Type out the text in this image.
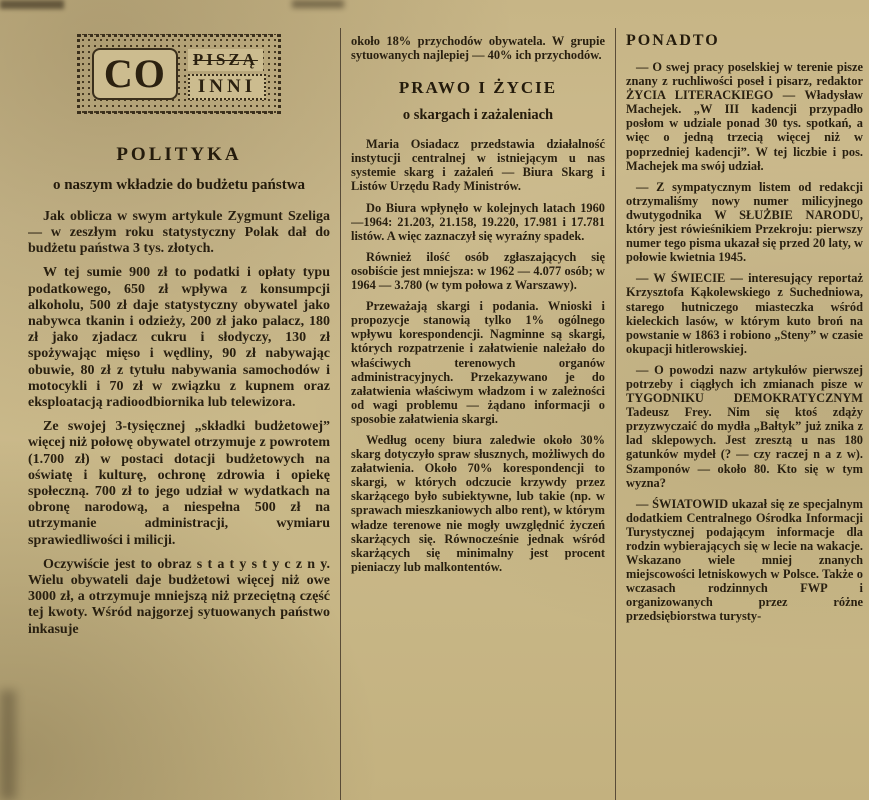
CO	PISZĄ
INNI
POLITYKA
o naszym wkładzie do budżetu państwa

Jak oblicza w swym artykule Zygmunt Szeliga — w zeszłym roku statystyczny Polak dał do budżetu państwa 3 tys. złotych.

W tej sumie 900 zł to podatki i opłaty typu podatkowego, 650 zł wpływa z konsumpcji alkoholu, 500 zł daje statystyczny obywatel jako nabywca tkanin i odzieży, 200 zł jako palacz, 180 zł jako zjadacz cukru i słodyczy, 130 zł spożywając mięso i wędliny, 90 zł nabywając obuwie, 80 zł z tytułu nabywania samochodów i motocykli i 70 zł w związku z kupnem oraz eksploatacją radioodbiornika lub telewizora.

Ze swojej 3-tysięcznej „składki budżetowej” więcej niż połowę obywatel otrzymuje z powrotem (1.700 zł) w postaci dotacji budżetowych na oświatę i kulturę, ochronę zdrowia i opiekę społeczną. 700 zł to jego udział w wydatkach na obronę narodową, a niespełna 500 zł na utrzymanie administracji, wymiaru sprawiedliwości i milicji.

Oczywiście jest to obraz s t a t y s t y c z n y. Wielu obywateli daje budżetowi więcej niż owe 3000 zł, a otrzymuje mniejszą niż przeciętną część tej kwoty. Wśród najgorzej sytuowanych państwo inkasuje

około 18% przychodów obywatela. W grupie sytuowanych najlepiej — 40% ich przychodów.

PRAWO I ŻYCIE
o skargach i zażaleniach

Maria Osiadacz przedstawia działalność instytucji centralnej w istniejącym u nas systemie skarg i zażaleń — Biura Skarg i Listów Urzędu Rady Ministrów.

Do Biura wpłynęło w kolejnych latach 1960—1964: 21.203, 21.158, 19.220, 17.981 i 17.781 listów. A więc zaznaczył się wyraźny spadek.

Również ilość osób zgłaszających się osobiście jest mniejsza: w 1962 — 4.077 osób; w 1964 — 3.780 (w tym połowa z Warszawy).

Przeważają skargi i podania. Wnioski i propozycje stanowią tylko 1% ogólnego wpływu korespondencji. Nagminne są skargi, których rozpatrzenie i załatwienie należało do właściwych terenowych organów administracyjnych. Przekazywano je do załatwienia właściwym władzom i w zależności od wagi problemu — żądano informacji o sposobie załatwienia skargi.

Według oceny biura zaledwie około 30% skarg dotyczyło spraw słusznych, możliwych do załatwienia. Około 70% korespondencji to skargi, w których odczucie krzywdy przez skarżącego było subiektywne, lub takie (np. w sprawach mieszkaniowych albo rent), w którym władze terenowe nie mogły uwzględnić życzeń skarżących się. Równocześnie jednak wśród skarżących się minimalny jest procent pieniaczy lub malkontentów.

PONADTO

— O swej pracy poselskiej w terenie pisze znany z ruchliwości poseł i pisarz, redaktor ŻYCIA LITERACKIEGO — Władysław Machejek. „W III kadencji przypadło posłom w udziale ponad 30 tys. spotkań, a więc o jedną trzecią więcej niż w poprzedniej kadencji”. W tej liczbie i pos. Machejek ma swój udział.

— Z sympatycznym listem od redakcji otrzymaliśmy nowy numer milicyjnego dwutygodnika W SŁUŻBIE NARODU, który jest rówieśnikiem Przekroju: pierwszy numer tego pisma ukazał się przed 20 laty, w połowie kwietnia 1945.

— W ŚWIECIE — interesujący reportaż Krzysztofa Kąkolewskiego z Suchedniowa, starego hutniczego miasteczka wśród kieleckich lasów, w którym kuto broń na powstanie w 1863 i robiono „Steny” w czasie okupacji hitlerowskiej.

— O powodzi nazw artykułów pierwszej potrzeby i ciągłych ich zmianach pisze w TYGODNIKU DEMOKRATYCZNYM Tadeusz Frey. Nim się ktoś zdąży przyzwyczaić do mydła „Bałtyk” już znika z lad sklepowych. Jest zresztą u nas 180 gatunków mydeł (? — czy raczej n a z w). Szamponów — około 80. Kto się w tym wyzna?

— ŚWIATOWID ukazał się ze specjalnym dodatkiem Centralnego Ośrodka Informacji Turystycznej podającym informacje dla rodzin wybierających się w lecie na wakacje. Wskazano wiele mniej znanych miejscowości letniskowych w Polsce. Także o wczasach rodzinnych FWP i organizowanych przez różne przedsiębiorstwa turysty-
